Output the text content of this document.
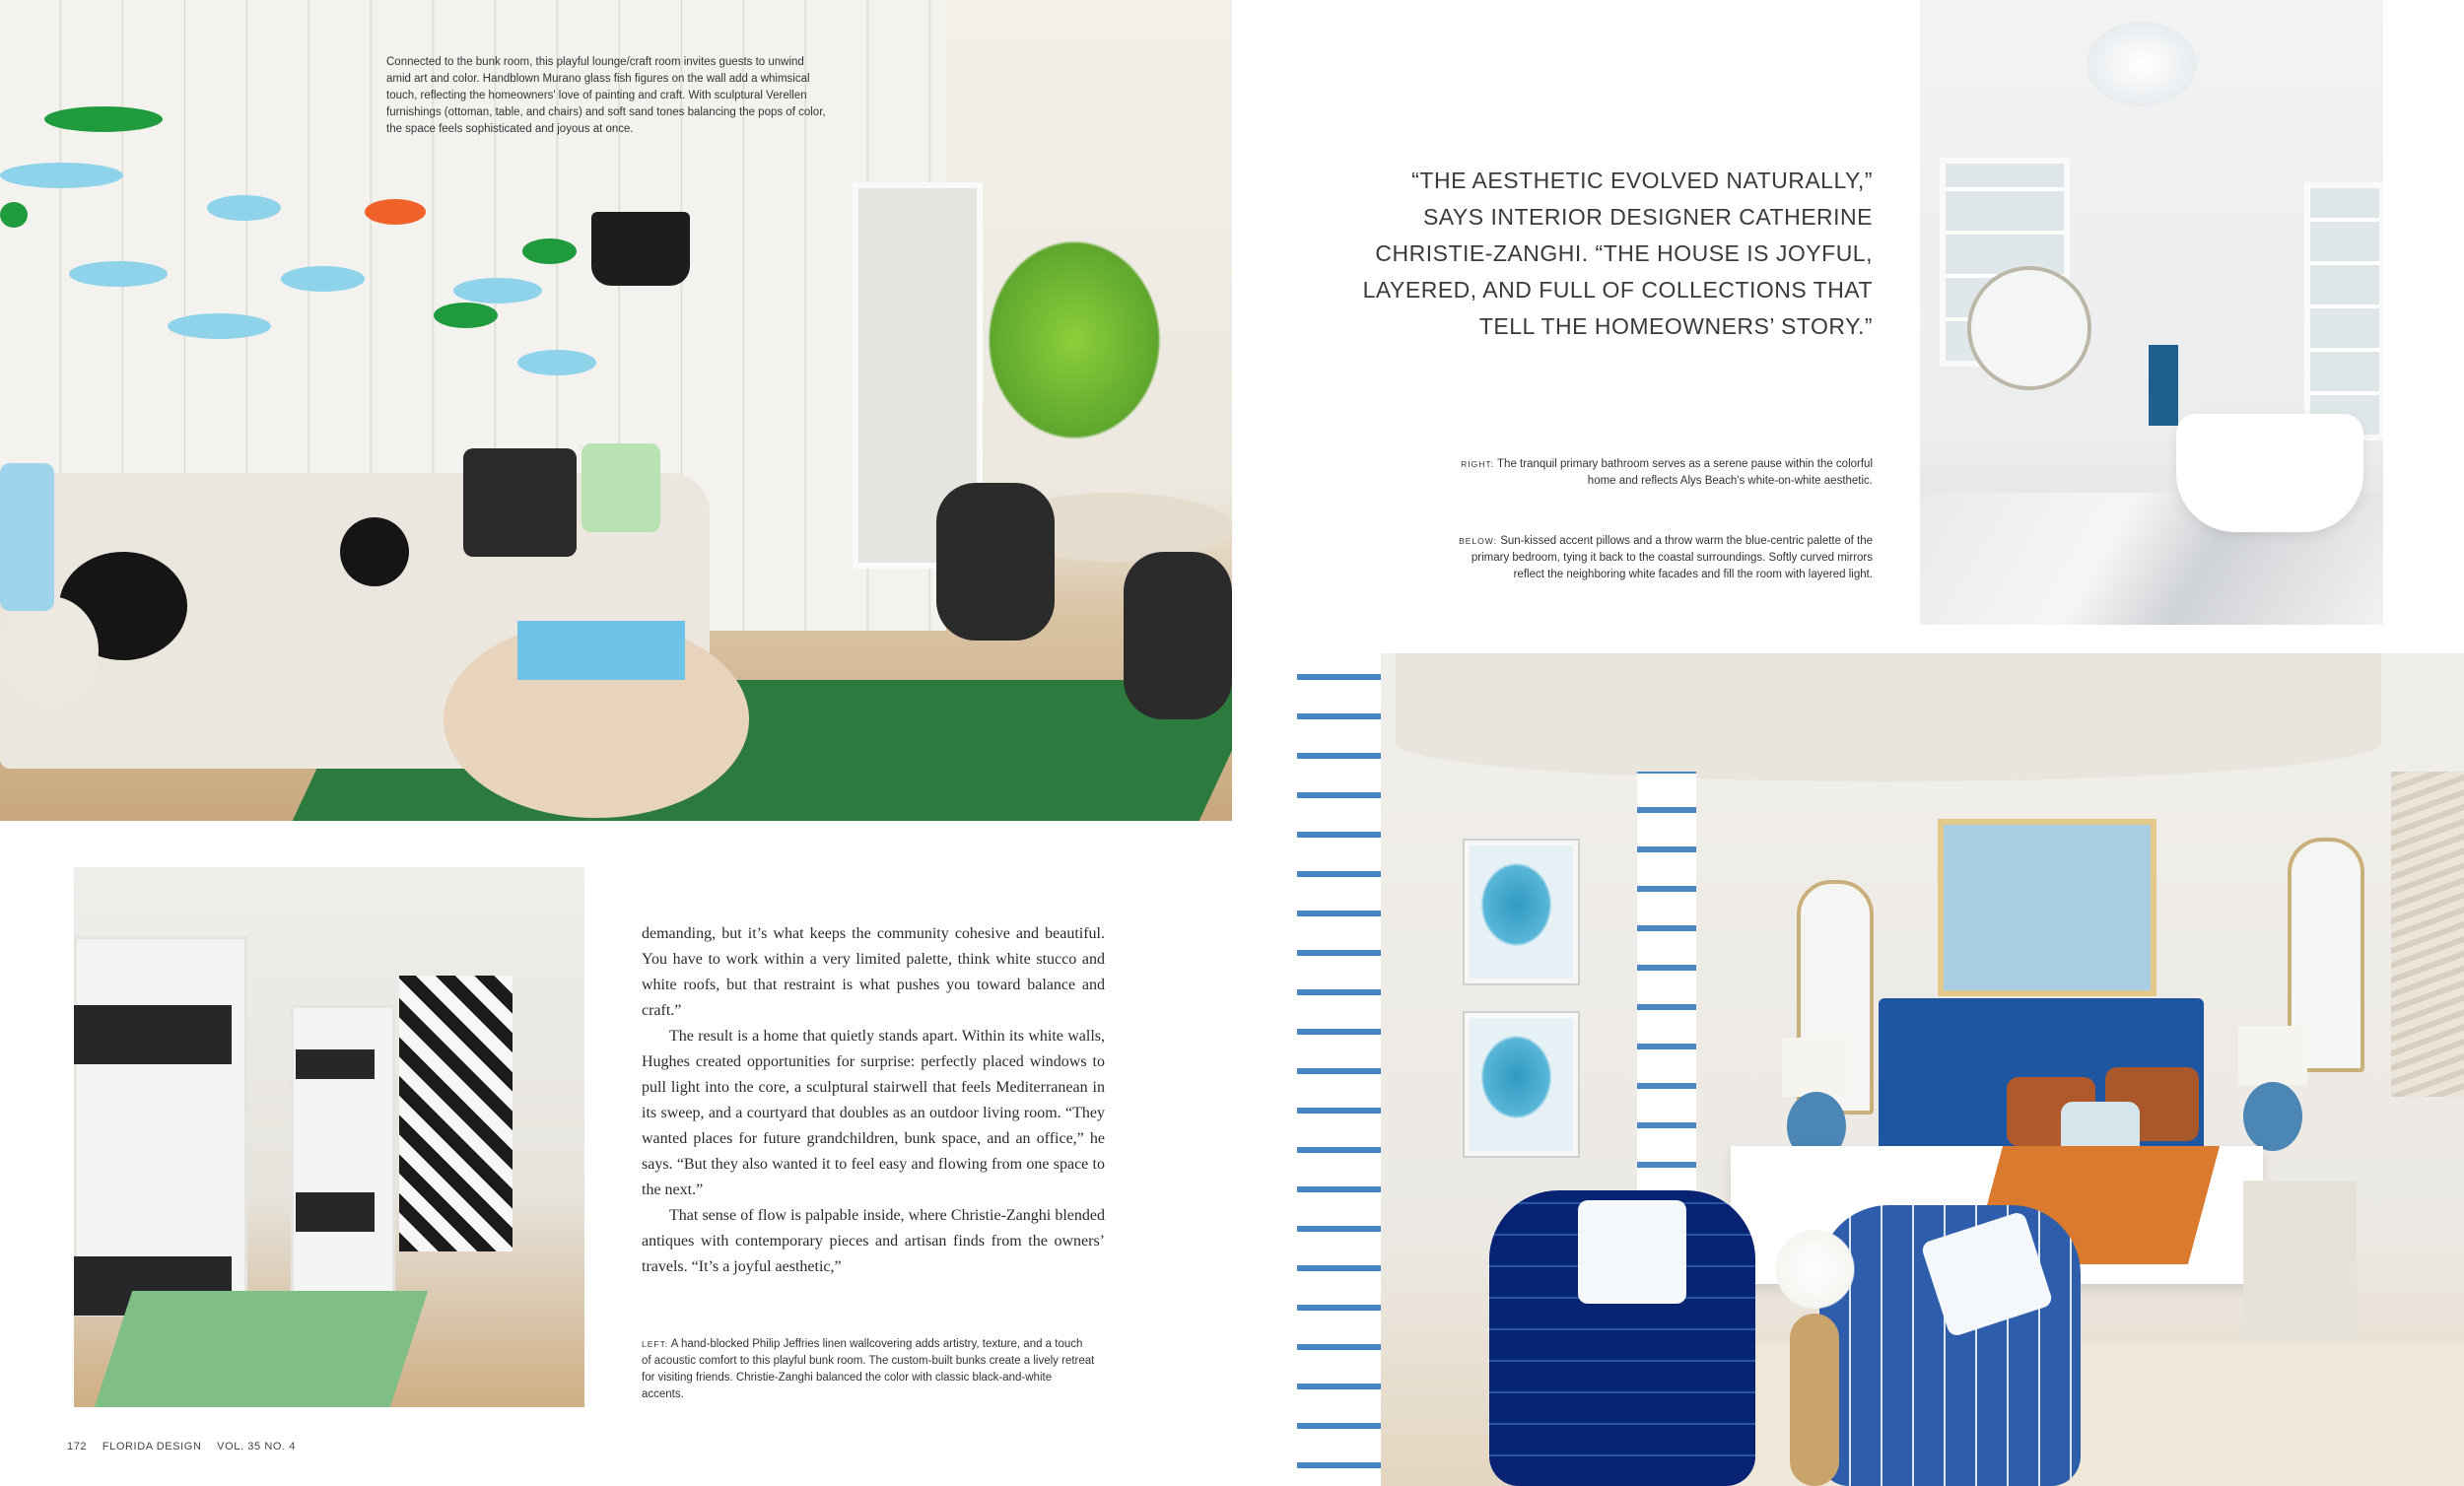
Connected to the bunk room, this playful lounge/craft room invites guests to unwind amid art and color. Handblown Murano glass fish figures on the wall add a whimsical touch, reflecting the homeowners' love of painting and craft. With sculptural Verellen furnishings (ottoman, table, and chairs) and soft sand tones balancing the pops of color, the space feels sophisticated and joyous at once.

demanding, but it’s what keeps the community cohesive and beautiful. You have to work within a very limited palette, think white stucco and white roofs, but that restraint is what pushes you toward balance and craft.”

The result is a home that quietly stands apart. Within its white walls, Hughes created opportunities for surprise: perfectly placed windows to pull light into the core, a sculptural stairwell that feels Mediterranean in its sweep, and a courtyard that doubles as an outdoor living room. “They wanted places for future grandchildren, bunk space, and an office,” he says. “But they also wanted it to feel easy and flowing from one space to the next.”

That sense of flow is palpable inside, where Christie-Zanghi blended antiques with contemporary pieces and artisan finds from the owners’ travels. “It’s a joyful aesthetic,”

LEFT: A hand-blocked Philip Jeffries linen wallcovering adds artistry, texture, and a touch of acoustic comfort to this playful bunk room. The custom-built bunks create a lively retreat for visiting friends. Christie-Zanghi balanced the color with classic black-and-white accents.
172 FLORIDA DESIGN VOL. 35 NO. 4
“THE AESTHETIC EVOLVED NATURALLY,” SAYS INTERIOR DESIGNER CATHERINE CHRISTIE-ZANGHI. “THE HOUSE IS JOYFUL, LAYERED, AND FULL OF COLLECTIONS THAT TELL THE HOMEOWNERS’ STORY.”
RIGHT: The tranquil primary bathroom serves as a serene pause within the colorful home and reflects Alys Beach's white-on-white aesthetic.
BELOW: Sun-kissed accent pillows and a throw warm the blue-centric palette of the primary bedroom, tying it back to the coastal surroundings. Softly curved mirrors reflect the neighboring white facades and fill the room with layered light.
